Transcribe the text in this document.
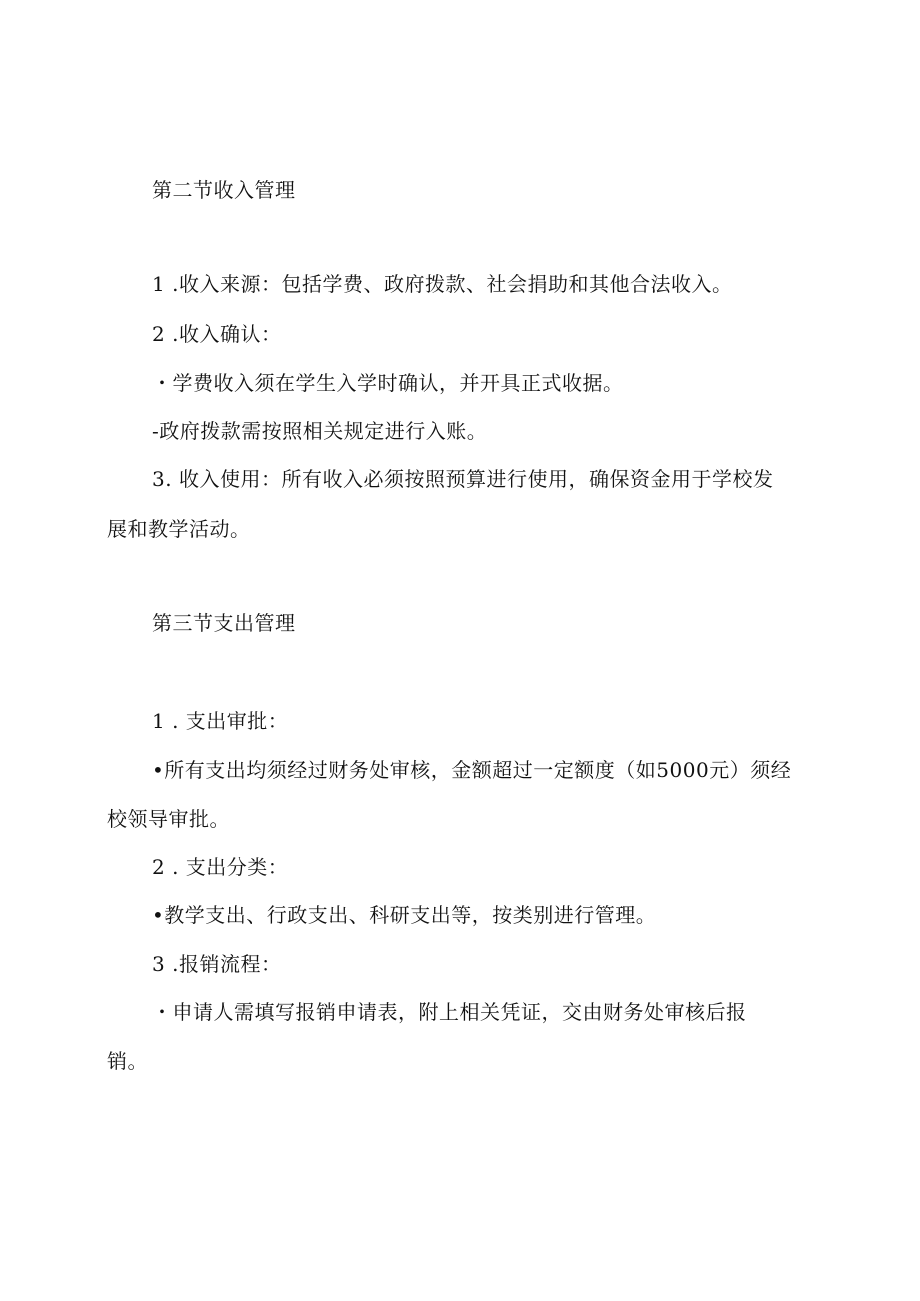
第二节收入管理
1 .收入来源：包括学费、政府拨款、社会捐助和其他合法收入。
2 .收入确认：
・学费收入须在学生入学时确认，并开具正式收据。
-政府拨款需按照相关规定进行入账。
3. 收入使用：所有收入必须按照预算进行使用，确保资金用于学校发
展和教学活动。
第三节支出管理
1 . 支出审批：
•所有支出均须经过财务处审核，金额超过一定额度（如5000元）须经
校领导审批。
2 . 支出分类：
•教学支出、行政支出、科研支出等，按类别进行管理。
3 .报销流程：
・申请人需填写报销申请表，附上相关凭证，交由财务处审核后报
销。
